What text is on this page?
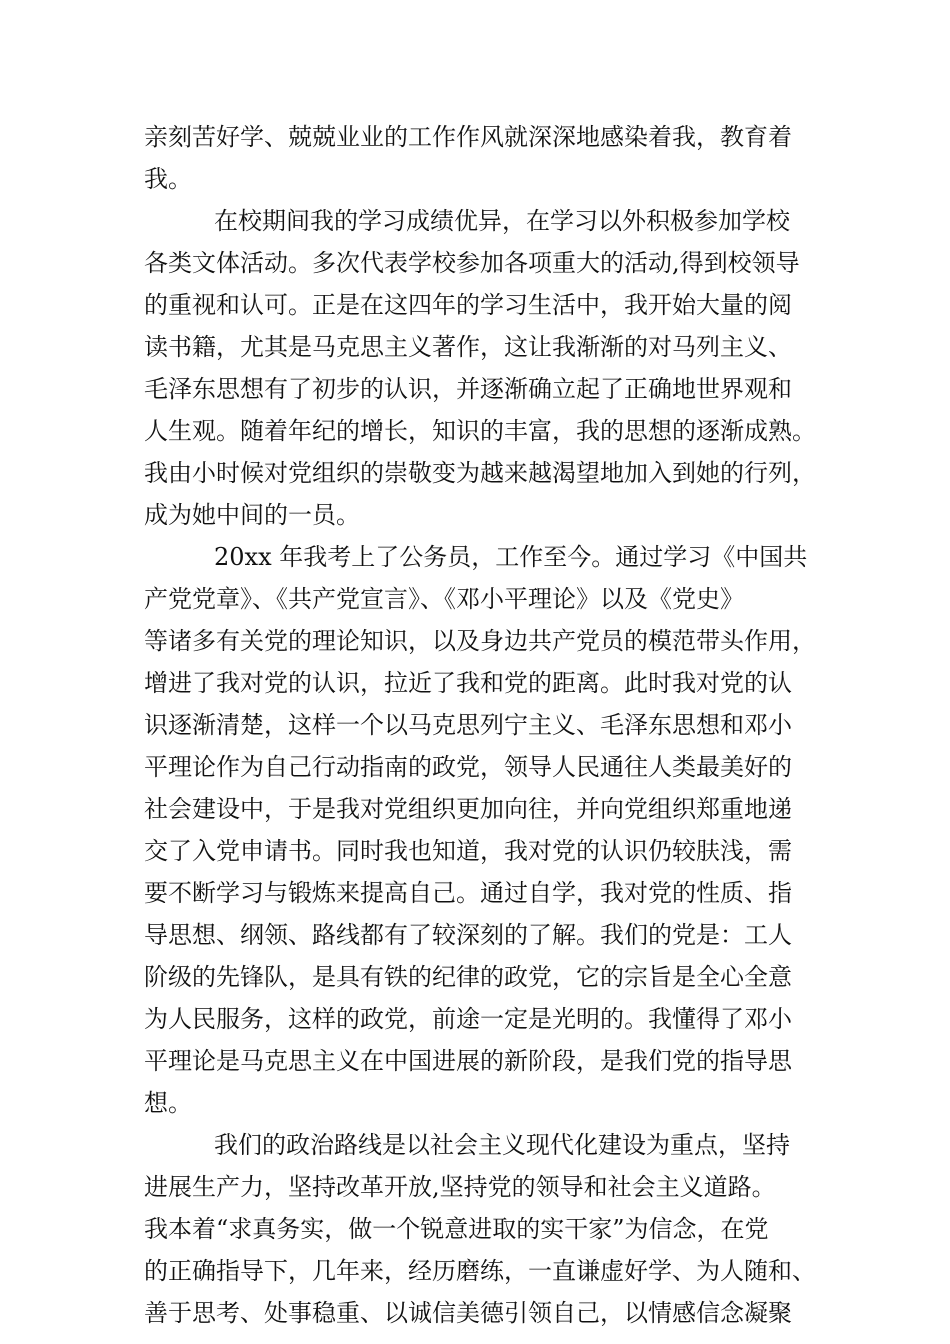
亲刻苦好学、兢兢业业的工作作风就深深地感染着我，教育着
我。
在校期间我的学习成绩优异，在学习以外积极参加学校
各类文体活动。多次代表学校参加各项重大的活动,得到校领导
的重视和认可。正是在这四年的学习生活中，我开始大量的阅
读书籍，尤其是马克思主义著作，这让我渐渐的对马列主义、
毛泽东思想有了初步的认识，并逐渐确立起了正确地世界观和
人生观。随着年纪的增长，知识的丰富，我的思想的逐渐成熟。
我由小时候对党组织的崇敬变为越来越渴望地加入到她的行列，
成为她中间的一员。
20xx 年我考上了公务员，工作至今。通过学习《中国共
产党党章》、《共产党宣言》、《邓小平理论》以及《党史》
等诸多有关党的理论知识，以及身边共产党员的模范带头作用，
增进了我对党的认识，拉近了我和党的距离。此时我对党的认
识逐渐清楚，这样一个以马克思列宁主义、毛泽东思想和邓小
平理论作为自己行动指南的政党，领导人民通往人类最美好的
社会建设中，于是我对党组织更加向往，并向党组织郑重地递
交了入党申请书。同时我也知道，我对党的认识仍较肤浅，需
要不断学习与锻炼来提高自己。通过自学，我对党的性质、指
导思想、纲领、路线都有了较深刻的了解。我们的党是：工人
阶级的先锋队，是具有铁的纪律的政党，它的宗旨是全心全意
为人民服务，这样的政党，前途一定是光明的。我懂得了邓小
平理论是马克思主义在中国进展的新阶段，是我们党的指导思
想。
我们的政治路线是以社会主义现代化建设为重点，坚持
进展生产力，坚持改革开放,坚持党的领导和社会主义道路。
我本着“求真务实，做一个锐意进取的实干家”为信念，在党
的正确指导下，几年来，经历磨练，一直谦虚好学、为人随和、
善于思考、处事稳重、以诚信美德引领自己，以情感信念凝聚
